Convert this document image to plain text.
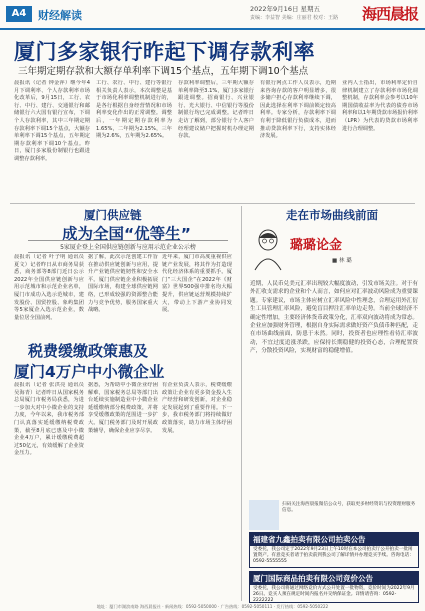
A4	财经解读	2022年9月16日 星期五
责编：李益智 美编：庄丽君 校对：王路	海西晨报
厦门多家银行昨起下调存款利率
三年期定期存款和大额存单利率下调15个基点，五年期下调10个基点
晨报讯（记者 钟金萍）继今年4月下调利率、个人存款利率市场化改革后，9月15日，工行、农行、中行、建行、交通银行和邮储银行六大国有银行宣布，下调个人存款利率，其中三年期定期存款利率下调15个基点，大额存单利率下调15个基点，五年期定期存款利率下调10个基点。昨日，厦门多家股份制银行也跟进调整存款利率。
工行、农行、中行、建行等银行相关负责人表示，本次调整是基于市场化利率调整机制进行的，是各行根据自身经营情况和市场利率变化作出的正常调整。调整后，一年期定期存款利率为1.65%，二年期为2.15%，三年期为2.6%，五年期为2.65%。
存款利率调整后，三年期大额存单利率降至3.1%，厦门多家银行跟进调整。招商银行、兴业银行、光大银行、中信银行等股份制银行均已完成调整。记者昨日走访了解到，部分银行个人客户经理建议储户把握时机办理定期存款。
有银行网点工作人员表示，近期来咨询存款的客户明显增多，很多储户担心存款利率继续下调，因此选择在利率下调前锁定较高利率。专家分析，存款利率下调有利于降低银行负债成本，进而推动贷款利率下行，支持实体经济发展。
业内人士指出，市场利率定价自律机制建立了存款利率市场化调整机制，存款利率会参考以10年期国债收益率为代表的债券市场利率和以1年期贷款市场报价利率（LPR）为代表的贷款市场利率进行合理调整。
厦门供应链
成为全国“优等生”
5家厦企登上全国供应链创新与应用示范企业公示榜
晨报讯（记者 叶子明 通讯员 夏文）记者昨日从市商务局获悉，商务部等8部门近日公示2022年全国供应链创新与应用示范城市和示范企业名单，厦门市成功入选示范城市，建发股份、国贸控股、象屿集团等5家厦企入选示范企业，数量位居全国前列。
据了解，此次示范创建工作旨在推动供应链创新与应用，提升产业链供应链韧性和安全水平。厦门供应链企业积极拓展国际市场，构建全球供应链网络，已形成较强的资源整合能力与竞争优势，服务国家重大战略。
近年来，厦门市高度重视供应链产业发展，将其作为打造现代化经济体系的重要抓手。厦门“三大国企”在2022年《财富》世界500强中排名均大幅提升，供应链运营规模持续扩大，带动上下游产业协同发展。
税费缓缴政策惠及
厦门4万户中小微企业
晨报讯（记者 张洪亮 通讯员 吴海青）记者昨日从国家税务总局厦门市税务局获悉，为进一步加大对中小微企业的支持力度，今年以来，我市税务部门认真落实延缓缴纳税费政策，截至8月底已惠及中小微企业4万户，累计缓缴税费超过50亿元，有效缓解了企业资金压力。
据悉，为帮助中小微企业纾困解难，国家税务总局等部门出台延续实施制造业中小微企业延缓缴纳部分税费政策，并将享受缓缴政策的范围进一步扩大。厦门税务部门及时开展政策辅导，确保企业应享尽享。
有企业负责人表示，税费缓缴政策让企业有更多资金投入生产经营和研发创新，对企业稳定发展起到了重要作用。下一步，我市税务部门将持续做好政策落实，助力市场主体纾困发展。
走在市场曲线前面
璐璐论金
■ 林 璐
近期，人民币兑美元汇率出现较大幅度波动，引发市场关注。对于有外汇收支需求的企业和个人而言，如何应对汇率波动风险成为重要课题。专家建议，市场主体应树立汇率风险中性理念，合理运用外汇衍生工具管理汇率风险，避免盲目押注汇率单边走势。当前全球经济不确定性增加，主要经济体货币政策分化，汇率双向波动将成为常态。企业应加强财务管理，根据自身实际需求做好资产负债币种匹配，走在市场曲线前面，防患于未然。同时，投资者也应理性看待汇率波动，不宜过度追涨杀跌，应保持长期稳健的投资心态，合理配置资产，分散投资风险，实现财富的稳健增值。
扫码关注海西晨报微信公众号，获取更多财经资讯与投资理财服务信息。
福建省九鑫拍卖有限公司拍卖公告
受委托，我公司定于2022年9月23日上午10时在本公司拍卖厅公开拍卖一批闲置资产。有意竞买者请于拍卖前到我公司了解详情并办理竞买手续。咨询电话：0592-5555555
厦门国际商品拍卖有限公司竞价公告
受委托，我公司将通过网络竞价方式公开处置一批物资，竞价时间为2022年9月26日。竞买人须在规定时间内报名并交纳保证金。详情请咨询：0592-2222222
地址：厦门市湖滨南路 海西晨报社 · 新闻热线：0592-5050000 · 广告热线：0592-5050111 · 发行热线：0592-5050222
